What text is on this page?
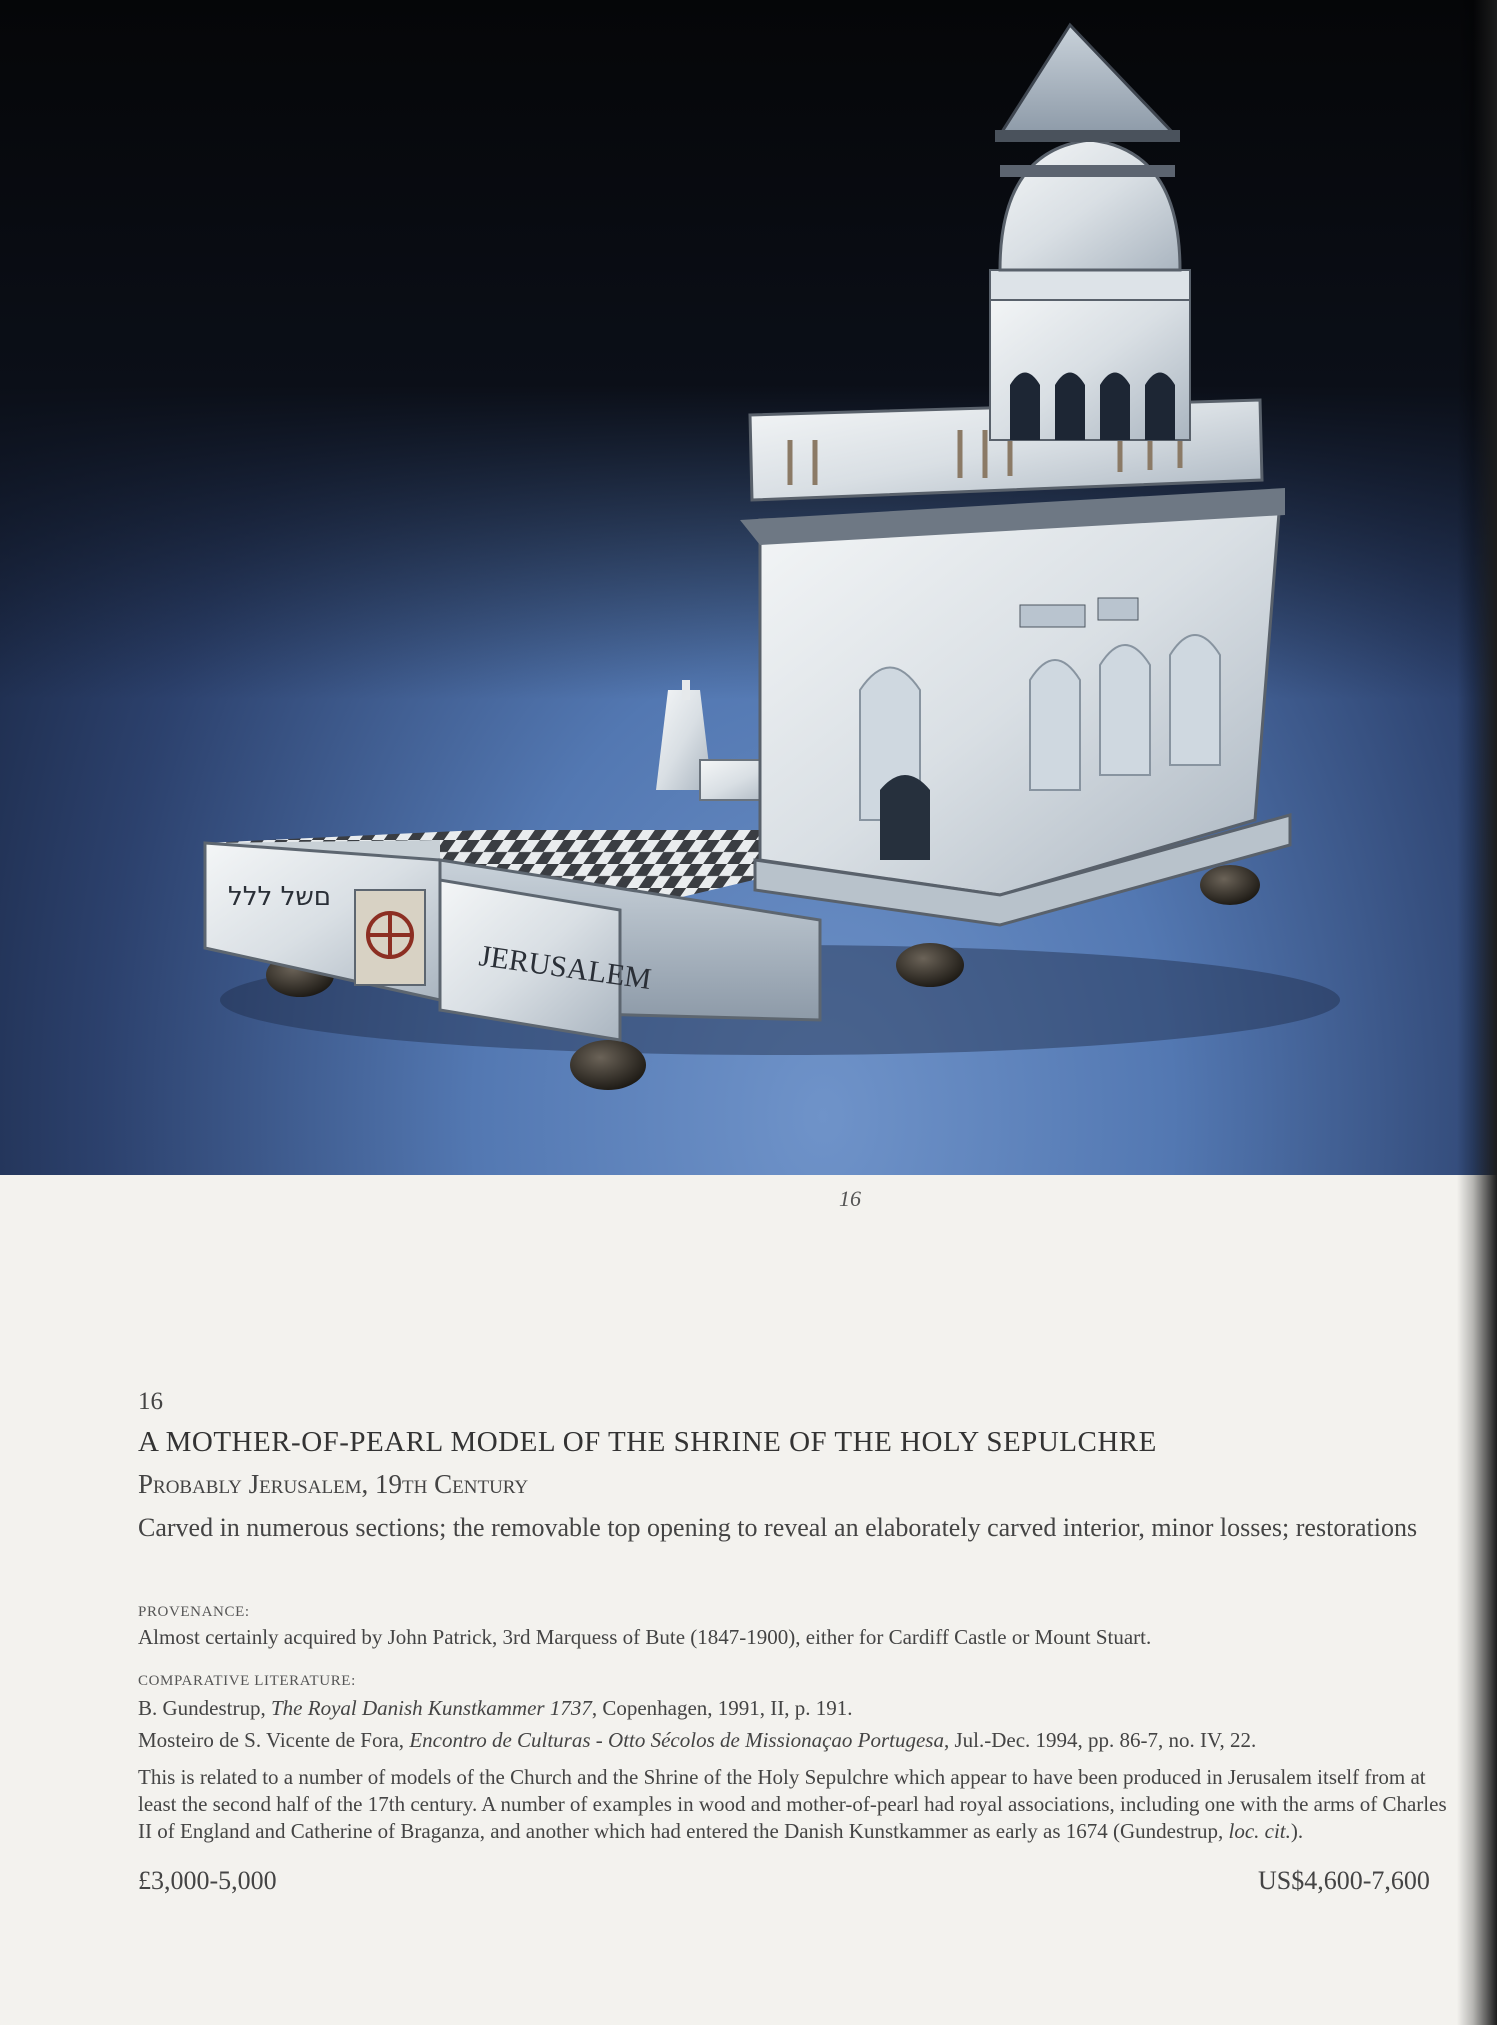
JERUSALEM
םשל ללל
16
16
A MOTHER-OF-PEARL MODEL OF THE SHRINE OF THE HOLY SEPULCHRE
Probably Jerusalem, 19th Century
Carved in numerous sections; the removable top opening to reveal an elaborately carved interior, minor losses; restorations
PROVENANCE:
Almost certainly acquired by John Patrick, 3rd Marquess of Bute (1847-1900), either for Cardiff Castle or Mount Stuart.
COMPARATIVE LITERATURE:
B. Gundestrup, The Royal Danish Kunstkammer 1737, Copenhagen, 1991, II, p. 191.
Mosteiro de S. Vicente de Fora, Encontro de Culturas - Otto Sécolos de Missionaçao Portugesa, Jul.-Dec. 1994, pp. 86-7, no. IV, 22.
This is related to a number of models of the Church and the Shrine of the Holy Sepulchre which appear to have been produced in Jerusalem itself from at least the second half of the 17th century. A number of examples in wood and mother-of-pearl had royal associations, including one with the arms of Charles II of England and Catherine of Braganza, and another which had entered the Danish Kunstkammer as early as 1674 (Gundestrup, loc. cit.).
£3,000-5,000	US$4,600-7,600
